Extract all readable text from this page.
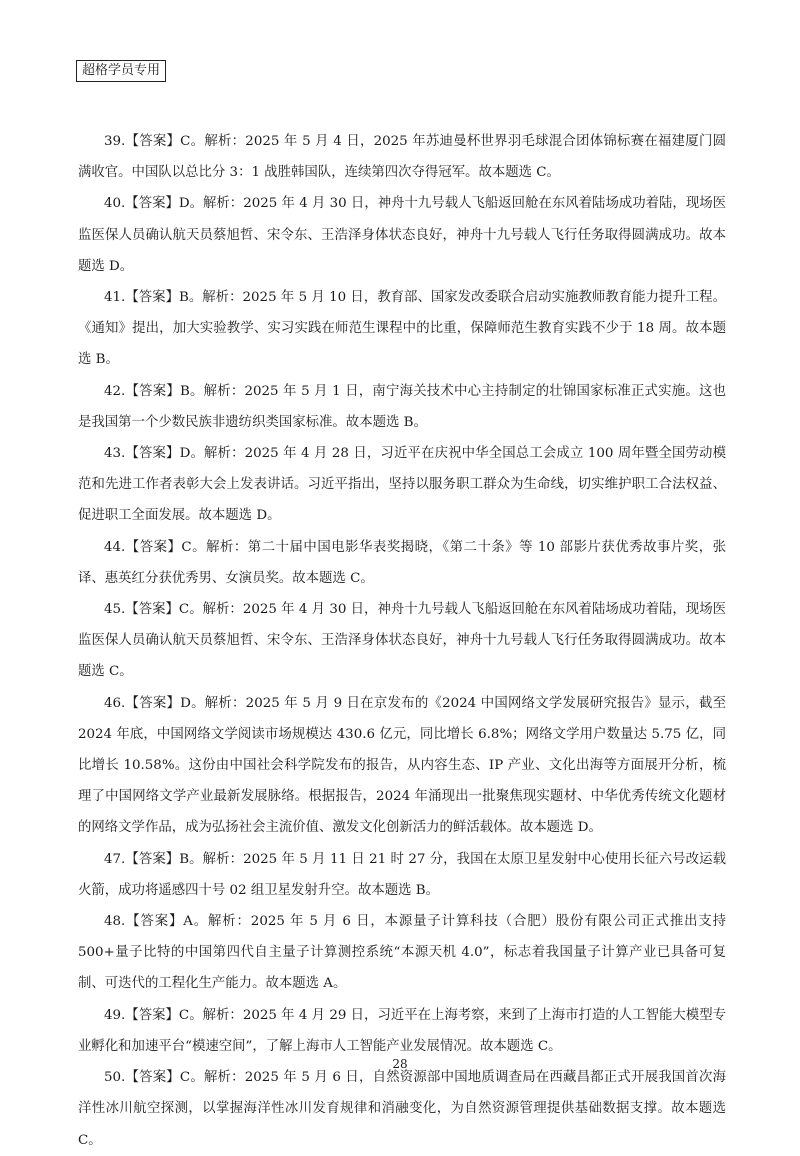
超格学员专用

39.【答案】C。解析：2025 年 5 月 4 日，2025 年苏迪曼杯世界羽毛球混合团体锦标赛在福建厦门圆满收官。中国队以总比分 3：1 战胜韩国队，连续第四次夺得冠军。故本题选 C。

40.【答案】D。解析：2025 年 4 月 30 日，神舟十九号载人飞船返回舱在东风着陆场成功着陆，现场医监医保人员确认航天员蔡旭哲、宋令东、王浩泽身体状态良好，神舟十九号载人飞行任务取得圆满成功。故本题选 D。

41.【答案】B。解析：2025 年 5 月 10 日，教育部、国家发改委联合启动实施教师教育能力提升工程。《通知》提出，加大实验教学、实习实践在师范生课程中的比重，保障师范生教育实践不少于 18 周。故本题选 B。

42.【答案】B。解析：2025 年 5 月 1 日，南宁海关技术中心主持制定的壮锦国家标准正式实施。这也是我国第一个少数民族非遗纺织类国家标准。故本题选 B。

43.【答案】D。解析：2025 年 4 月 28 日，习近平在庆祝中华全国总工会成立 100 周年暨全国劳动模范和先进工作者表彰大会上发表讲话。习近平指出，坚持以服务职工群众为生命线，切实维护职工合法权益、促进职工全面发展。故本题选 D。

44.【答案】C。解析：第二十届中国电影华表奖揭晓，《第二十条》等 10 部影片获优秀故事片奖，张译、惠英红分获优秀男、女演员奖。故本题选 C。

45.【答案】C。解析：2025 年 4 月 30 日，神舟十九号载人飞船返回舱在东风着陆场成功着陆，现场医监医保人员确认航天员蔡旭哲、宋令东、王浩泽身体状态良好，神舟十九号载人飞行任务取得圆满成功。故本题选 C。

46.【答案】D。解析：2025 年 5 月 9 日在京发布的《2024 中国网络文学发展研究报告》显示，截至 2024 年底，中国网络文学阅读市场规模达 430.6 亿元，同比增长 6.8%；网络文学用户数量达 5.75 亿，同比增长 10.58%。这份由中国社会科学院发布的报告，从内容生态、IP 产业、文化出海等方面展开分析，梳理了中国网络文学产业最新发展脉络。根据报告，2024 年涌现出一批聚焦现实题材、中华优秀传统文化题材的网络文学作品，成为弘扬社会主流价值、激发文化创新活力的鲜活载体。故本题选 D。

47.【答案】B。解析：2025 年 5 月 11 日 21 时 27 分，我国在太原卫星发射中心使用长征六号改运载火箭，成功将遥感四十号 02 组卫星发射升空。故本题选 B。

48.【答案】A。解析：2025 年 5 月 6 日，本源量子计算科技（合肥）股份有限公司正式推出支持 500+量子比特的中国第四代自主量子计算测控系统“本源天机 4.0”，标志着我国量子计算产业已具备可复制、可迭代的工程化生产能力。故本题选 A。

49.【答案】C。解析：2025 年 4 月 29 日，习近平在上海考察，来到了上海市打造的人工智能大模型专业孵化和加速平台“模速空间”，了解上海市人工智能产业发展情况。故本题选 C。

50.【答案】C。解析：2025 年 5 月 6 日，自然资源部中国地质调查局在西藏昌都正式开展我国首次海洋性冰川航空探测，以掌握海洋性冰川发育规律和消融变化，为自然资源管理提供基础数据支撑。故本题选 C。

28
